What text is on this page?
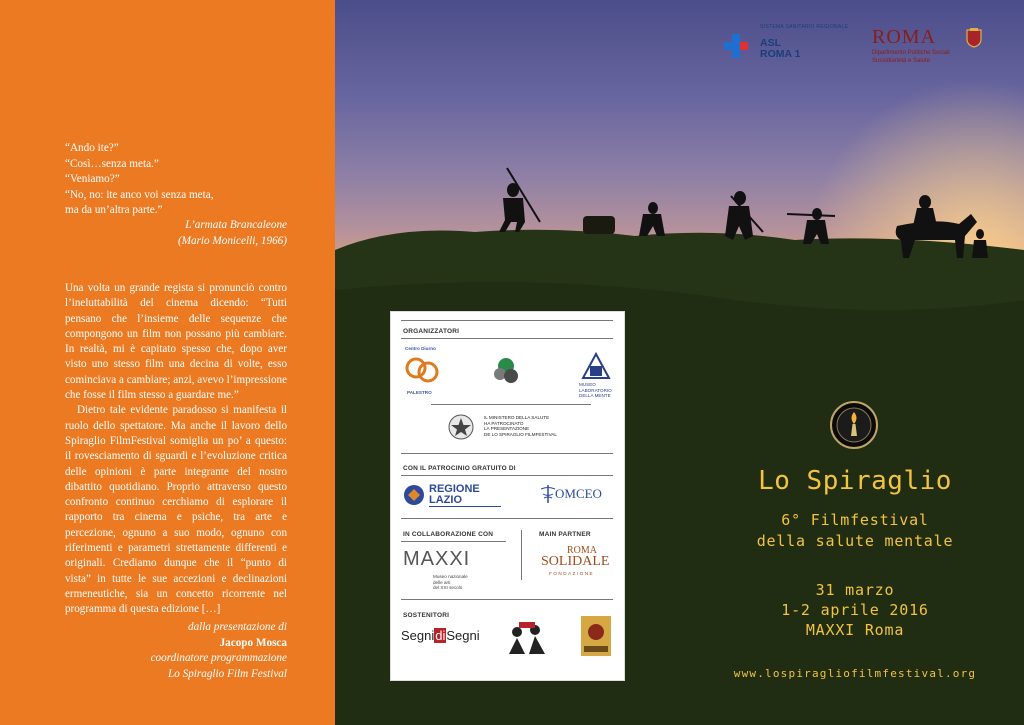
“Ando ite?”
“Così…senza meta.”
“Veniamo?”
“No, no: ite anco voi senza meta,
ma da un’altra parte.”
L’armata Brancaleone
(Mario Monicelli, 1966)

Una volta un grande regista si pronunciò contro l’ineluttabilità del cinema dicendo: “Tutti pensano che l’insieme delle sequenze che compongono un film non possano più cambiare. In realtà, mi è capitato spesso che, dopo aver visto uno stesso film una decina di volte, esso cominciava a cambiare; anzi, avevo l’impressione che fosse il film stesso a guardare me.”

Dietro tale evidente paradosso si manifesta il ruolo dello spettatore. Ma anche il lavoro dello Spiraglio FilmFestival somiglia un po’ a questo: il rovesciamento di sguardi e l’evoluzione critica delle opinioni è parte integrante del nostro dibattito quotidiano. Proprio attraverso questo confronto continuo cerchiamo di esplorare il rapporto tra cinema e psiche, tra arte e percezione, ognuno a suo modo, ognuno con riferimenti e parametri strettamente differenti e originali. Crediamo dunque che il “punto di vista” in tutte le sue accezioni e declinazioni ermeneutiche, sia un concetto ricorrente nel programma di questa edizione […]

dalla presentazione di
Jacopo Mosca
coordinatore programmazione
Lo Spiraglio Film Festival
SISTEMA SANITARIO REGIONALE
ASL
ROMA 1
ROMA
Dipartimento Politiche Sociali
Sussidiarietà e Salute
ORGANIZZATORI
Centro Diurno
PALESTRO
MUSEO LABORATORIO DELLA MENTE
IL MINISTERO DELLA SALUTE
HA PATROCINATO
LA PRESENTAZIONE
DE LO SPIRAGLIO FILMFESTIVAL
CON IL PATROCINIO GRATUITO DI
REGIONE
LAZIO	OMCEO
IN COLLABORAZIONE CON	MAIN PARTNER
MAXXI
Museo nazionale
delle arti
del XXI secolo
ROMA
SOLIDALE
FONDAZIONE
SOSTENITORI
SegnidiSegni
Lo Spiraglio
6° Filmfestival
della salute mentale
31 marzo
1-2 aprile 2016
MAXXI Roma
www.lospiragliofilmfestival.org
